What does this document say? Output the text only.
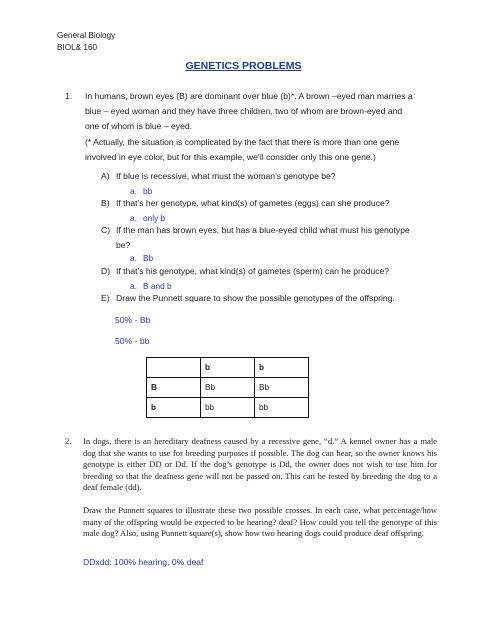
General Biology
BIOL& 160
GENETICS PROBLEMS
1. In humans, brown eyes (B) are dominant over blue (b)*. A brown –eyed man marries a
blue – eyed woman and they have three children, two of whom are brown-eyed and
one of whom is blue – eyed.
(* Actually, the situation is complicated by the fact that there is more than one gene
involved in eye color, but for this example, we’ll consider only this one gene.)
A) If blue is recessive, what must the woman’s genotype be?
a. bb
B) If that’s her genotype, what kind(s) of gametes (eggs) can she produce?
a. only b
C) If the man has brown eyes, but has a blue-eyed child what must his genotype
be?
a. Bb
D) If that’s his genotype, what kind(s) of gametes (sperm) can he produce?
a. B and b
E) Draw the Punnett square to show the possible genotypes of the offspring.
50% - Bb
50% - bb
	b	b
B	Bb	Bb
b	bb	bb
2. In dogs, there is an hereditary deafness caused by a recessive gene, “d.” A kennel owner has a male dog that she wants to use for breeding purposes if possible. The dog can hear, so the owner knows his genotype is either DD or Dd. If the dog’s genotype is Dd, the owner does not wish to use him for breeding so that the deafness gene will not be passed on. This can be tested by breeding the dog to a deaf female (dd).
Draw the Punnett squares to illustrate these two possible crosses. In each case, what percentage/how many of the offspring would be expected to be hearing? deaf? How could you tell the genotype of this male dog? Also, using Punnett square(s), show how two hearing dogs could produce deaf offspring.
DDxdd: 100% hearing, 0% deaf
